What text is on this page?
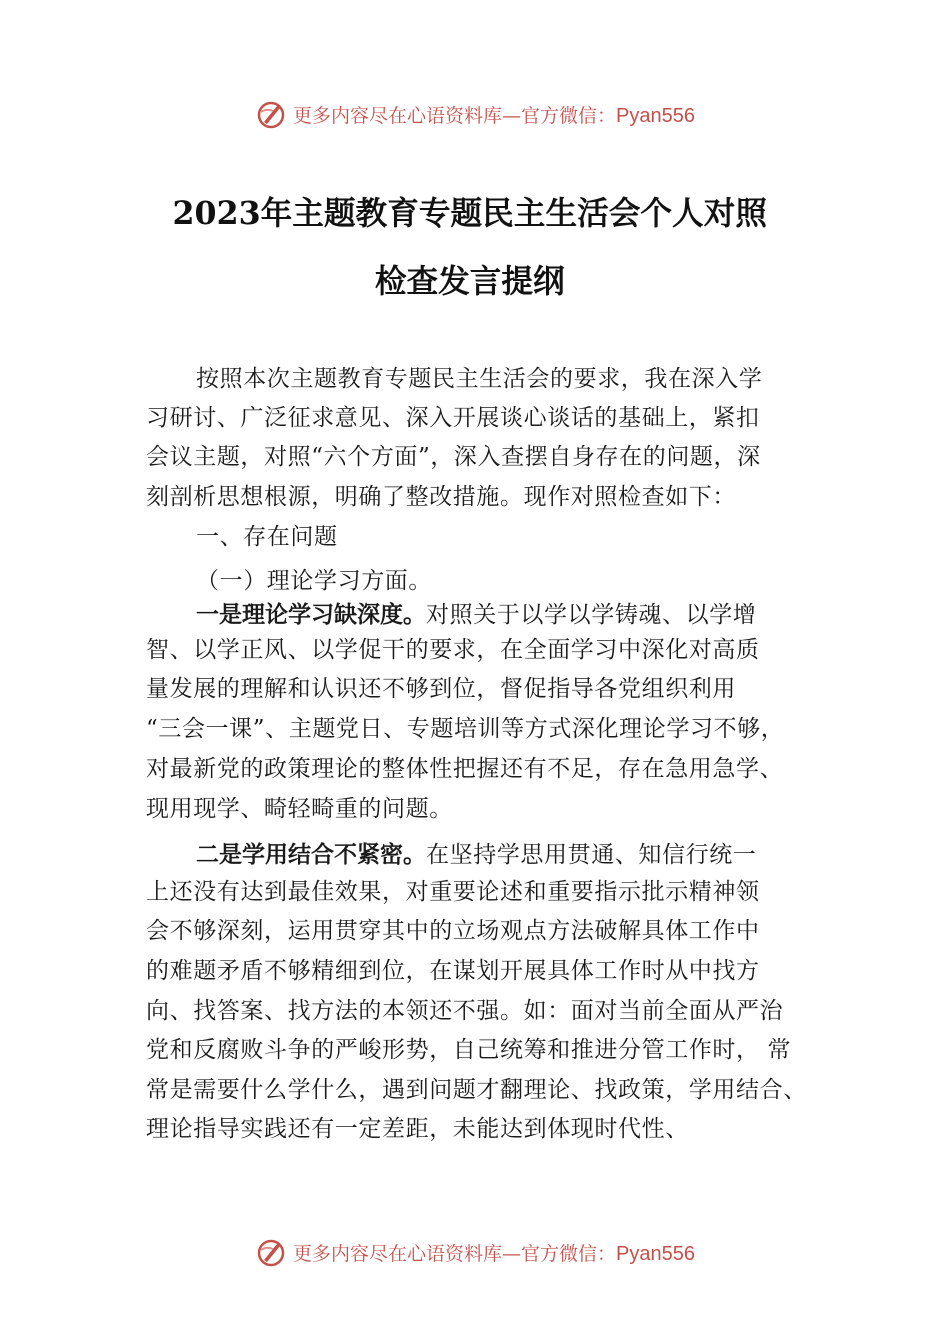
更多内容尽在心语资料库—官方微信：Pyan556
2023年主题教育专题民主生活会个人对照
检查发言提纲
按照本次主题教育专题民主生活会的要求，我在深入学
习研讨、广泛征求意见、深入开展谈心谈话的基础上，紧扣
会议主题，对照“六个方面”，深入查摆自身存在的问题，深
刻剖析思想根源，明确了整改措施。现作对照检查如下：
一、存在问题
（一）理论学习方面。
一是理论学习缺深度。对照关于以学以学铸魂、以学增
智、以学正风、以学促干的要求，在全面学习中深化对高质
量发展的理解和认识还不够到位，督促指导各党组织利用
“三会一课”、主题党日、专题培训等方式深化理论学习不够，
对最新党的政策理论的整体性把握还有不足，存在急用急学、
现用现学、畸轻畸重的问题。
二是学用结合不紧密。在坚持学思用贯通、知信行统一
上还没有达到最佳效果，对重要论述和重要指示批示精神领
会不够深刻，运用贯穿其中的立场观点方法破解具体工作中
的难题矛盾不够精细到位，在谋划开展具体工作时从中找方
向、找答案、找方法的本领还不强。如：面对当前全面从严治
党和反腐败斗争的严峻形势，自己统筹和推进分管工作时， 常
常是需要什么学什么，遇到问题才翻理论、找政策，学用结合、
理论指导实践还有一定差距，未能达到体现时代性、
更多内容尽在心语资料库—官方微信：Pyan556
